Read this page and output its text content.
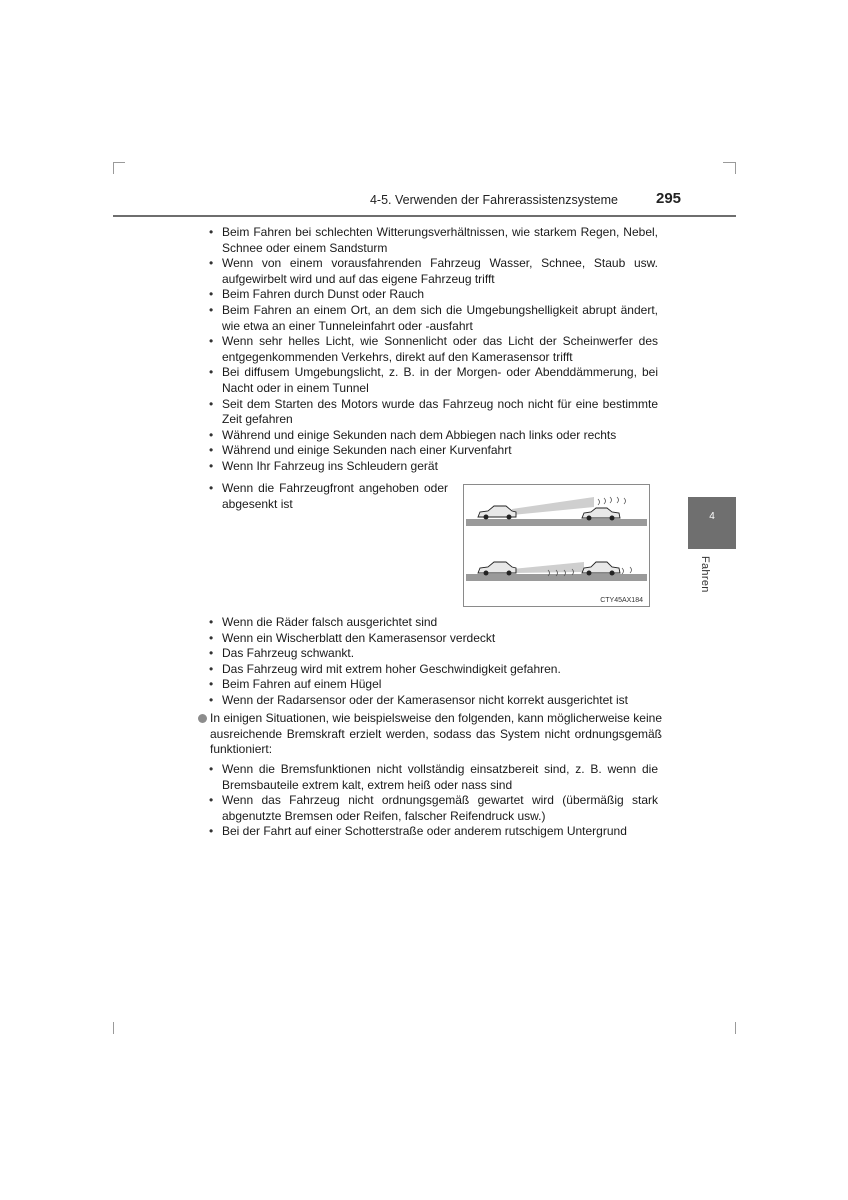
4-5. Verwenden der Fahrerassistenzsysteme	295
4
Fahren
• Beim Fahren bei schlechten Witterungsverhältnissen, wie starkem Regen, Nebel, Schnee oder einem Sandsturm
• Wenn von einem vorausfahrenden Fahrzeug Wasser, Schnee, Staub usw. aufgewirbelt wird und auf das eigene Fahrzeug trifft
• Beim Fahren durch Dunst oder Rauch
• Beim Fahren an einem Ort, an dem sich die Umgebungshelligkeit abrupt ändert, wie etwa an einer Tunneleinfahrt oder -ausfahrt
• Wenn sehr helles Licht, wie Sonnenlicht oder das Licht der Scheinwerfer des entgegenkommenden Verkehrs, direkt auf den Kamerasensor trifft
• Bei diffusem Umgebungslicht, z. B. in der Morgen- oder Abenddämmerung, bei Nacht oder in einem Tunnel
• Seit dem Starten des Motors wurde das Fahrzeug noch nicht für eine bestimmte Zeit gefahren
• Während und einige Sekunden nach dem Abbiegen nach links oder rechts
• Während und einige Sekunden nach einer Kurvenfahrt
• Wenn Ihr Fahrzeug ins Schleudern gerät
• Wenn die Fahrzeugfront angehoben oder abgesenkt ist
CTY45AX184
• Wenn die Räder falsch ausgerichtet sind
• Wenn ein Wischerblatt den Kamerasensor verdeckt
• Das Fahrzeug schwankt.
• Das Fahrzeug wird mit extrem hoher Geschwindigkeit gefahren.
• Beim Fahren auf einem Hügel
• Wenn der Radarsensor oder der Kamerasensor nicht korrekt ausgerichtet ist
In einigen Situationen, wie beispielsweise den folgenden, kann möglicherweise keine ausreichende Bremskraft erzielt werden, sodass das System nicht ordnungsgemäß funktioniert:
• Wenn die Bremsfunktionen nicht vollständig einsatzbereit sind, z. B. wenn die Bremsbauteile extrem kalt, extrem heiß oder nass sind
• Wenn das Fahrzeug nicht ordnungsgemäß gewartet wird (übermäßig stark abgenutzte Bremsen oder Reifen, falscher Reifendruck usw.)
• Bei der Fahrt auf einer Schotterstraße oder anderem rutschigem Untergrund
